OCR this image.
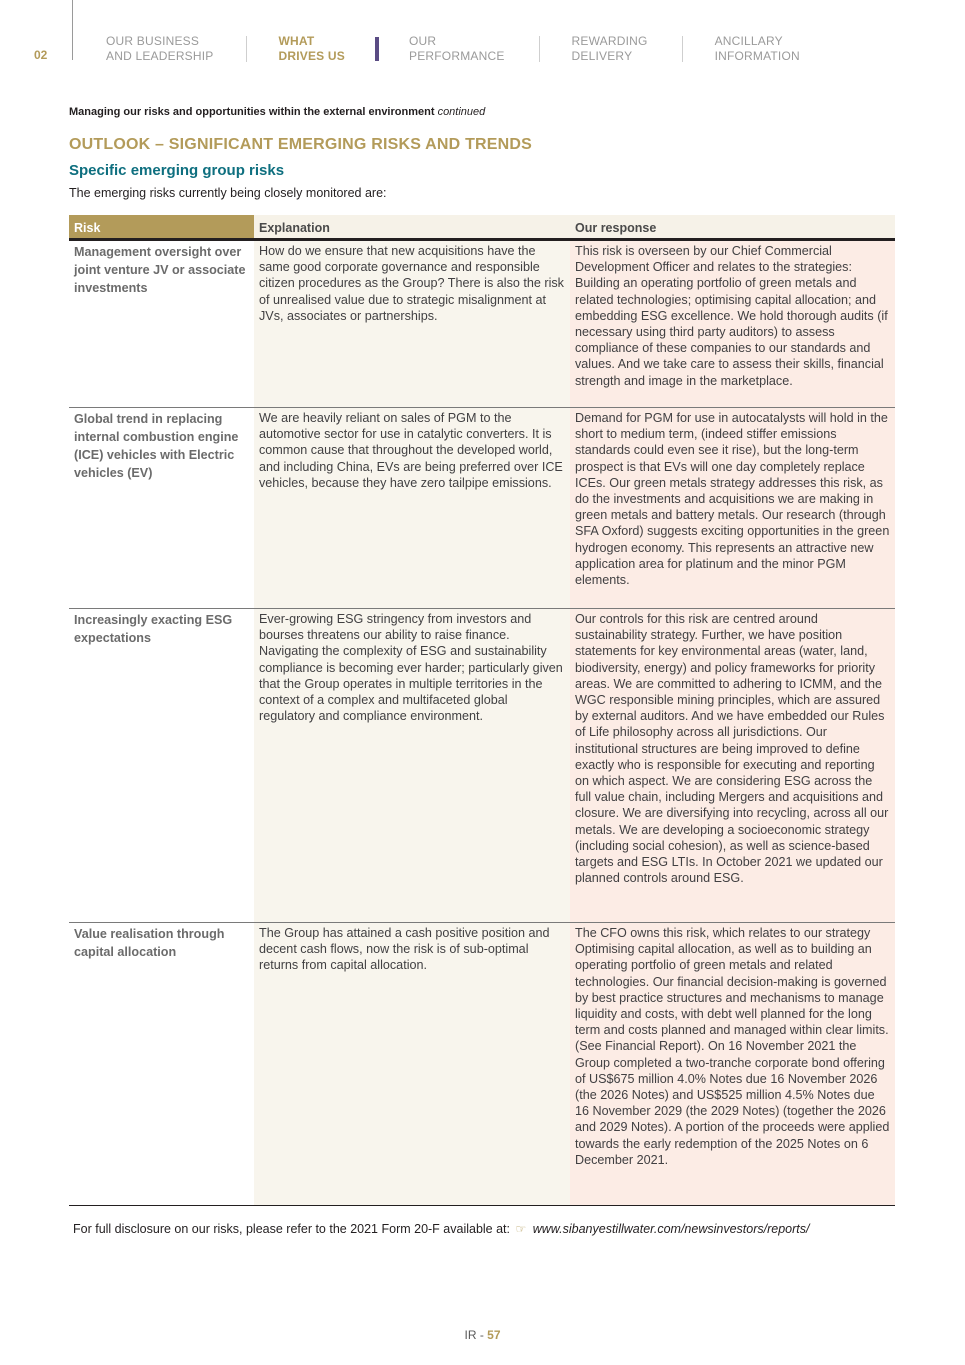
02
OUR BUSINESS
AND LEADERSHIP
WHAT
DRIVES US
OUR
PERFORMANCE
REWARDING
DELIVERY
ANCILLARY
INFORMATION
Managing our risks and opportunities within the external environment continued
OUTLOOK – SIGNIFICANT EMERGING RISKS AND TRENDS
Specific emerging group risks

The emerging risks currently being closely monitored are:

Risk	Explanation	Our response
Management oversight over joint venture JV or associate investments
How do we ensure that new acquisitions have the same good corporate governance and responsible citizen procedures as the Group? There is also the risk of unrealised value due to strategic misalignment at JVs, associates or partnerships.
This risk is overseen by our Chief Commercial Development Officer and relates to the strategies: Building an operating portfolio of green metals and related technologies; optimising capital allocation; and embedding ESG excellence. We hold thorough audits (if necessary using third party auditors) to assess compliance of these companies to our standards and values. And we take care to assess their skills, financial strength and image in the marketplace.
Global trend in replacing internal combustion engine (ICE) vehicles with Electric vehicles (EV)
We are heavily reliant on sales of PGM to the automotive sector for use in catalytic converters. It is common cause that throughout the developed world, and including China, EVs are being preferred over ICE vehicles, because they have zero tailpipe emissions.
Demand for PGM for use in autocatalysts will hold in the short to medium term, (indeed stiffer emissions standards could even see it rise), but the long-term prospect is that EVs will one day completely replace ICEs. Our green metals strategy addresses this risk, as do the investments and acquisitions we are making in green metals and battery metals. Our research (through SFA Oxford) suggests exciting opportunities in the green hydrogen economy. This represents an attractive new application area for platinum and the minor PGM elements.
Increasingly exacting ESG expectations
Ever-growing ESG stringency from investors and bourses threatens our ability to raise finance. Navigating the complexity of ESG and sustainability compliance is becoming ever harder; particularly given that the Group operates in multiple territories in the context of a complex and multifaceted global regulatory and compliance environment.
Our controls for this risk are centred around sustainability strategy. Further, we have position statements for key environmental areas (water, land, biodiversity, energy) and policy frameworks for priority areas. We are committed to adhering to ICMM, and the WGC responsible mining principles, which are assured by external auditors. And we have embedded our Rules of Life philosophy across all jurisdictions. Our institutional structures are being improved to define exactly who is responsible for executing and reporting on which aspect. We are considering ESG across the full value chain, including Mergers and acquisitions and closure. We are diversifying into recycling, across all our metals. We are developing a socioeconomic strategy (including social cohesion), as well as science-based targets and ESG LTIs. In October 2021 we updated our planned controls around ESG.
Value realisation through capital allocation
The Group has attained a cash positive position and decent cash flows, now the risk is of sub-optimal returns from capital allocation.
The CFO owns this risk, which relates to our strategy Optimising capital allocation, as well as to building an operating portfolio of green metals and related technologies. Our financial decision-making is governed by best practice structures and mechanisms to manage liquidity and costs, with debt well planned for the long term and costs planned and managed within clear limits. (See Financial Report). On 16 November 2021 the Group completed a two-tranche corporate bond offering of US$675 million 4.0% Notes due 16 November 2026 (the 2026 Notes) and US$525 million 4.5% Notes due 16 November 2029 (the 2029 Notes) (together the 2026 and 2029 Notes). A portion of the proceeds were applied towards the early redemption of the 2025 Notes on 6 December 2021.
For full disclosure on our risks, please refer to the 2021 Form 20-F available at: ☞ www.sibanyestillwater.com/newsinvestors/reports/
IR - 57
